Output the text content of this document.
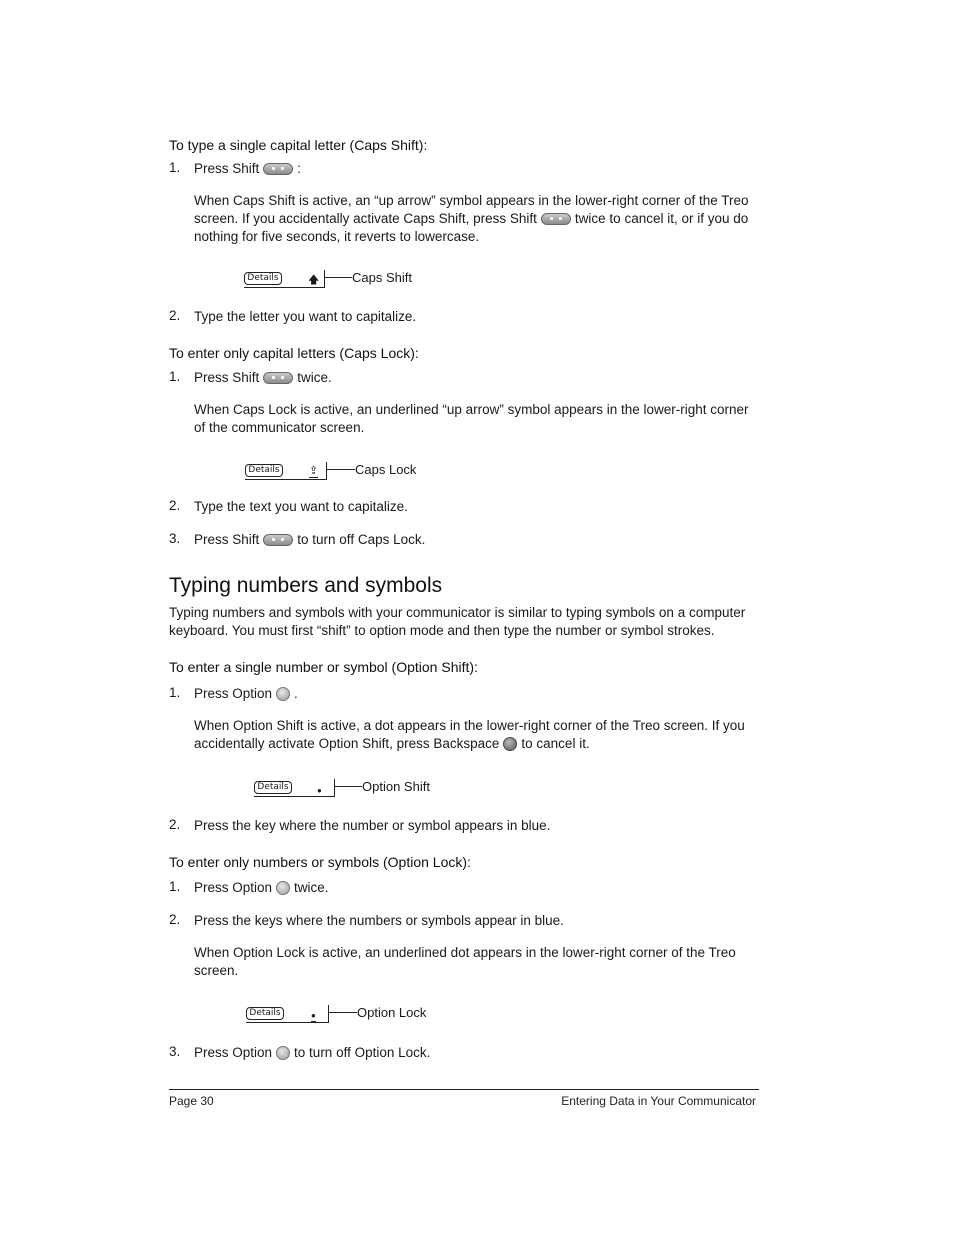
To type a single capital letter (Caps Shift):
1. Press Shift	:
When Caps Shift is active, an “up arrow” symbol appears in the lower-right corner of the Treo
screen. If you accidentally activate Caps Shift, press Shift	twice to cancel it, or if you do
nothing for five seconds, it reverts to lowercase.
Details	🡅	Caps Shift
2. Type the letter you want to capitalize.
To enter only capital letters (Caps Lock):
1. Press Shift	twice.
When Caps Lock is active, an underlined “up arrow” symbol appears in the lower-right corner
of the communicator screen.
Details	⇪	Caps Lock
2. Type the text you want to capitalize.
3. Press Shift	to turn off Caps Lock.
Typing numbers and symbols
Typing numbers and symbols with your communicator is similar to typing symbols on a computer
keyboard. You must first “shift” to option mode and then type the number or symbol strokes.
To enter a single number or symbol (Option Shift):
1. Press Option .
When Option Shift is active, a dot appears in the lower-right corner of the Treo screen. If you
accidentally activate Option Shift, press Backspace to cancel it.
Details	●	Option Shift
2. Press the key where the number or symbol appears in blue.
To enter only numbers or symbols (Option Lock):
1. Press Option twice.
2. Press the keys where the numbers or symbols appear in blue.
When Option Lock is active, an underlined dot appears in the lower-right corner of the Treo
screen.
Details	●	Option Lock
3. Press Option to turn off Option Lock.
Page 30	Entering Data in Your Communicator
